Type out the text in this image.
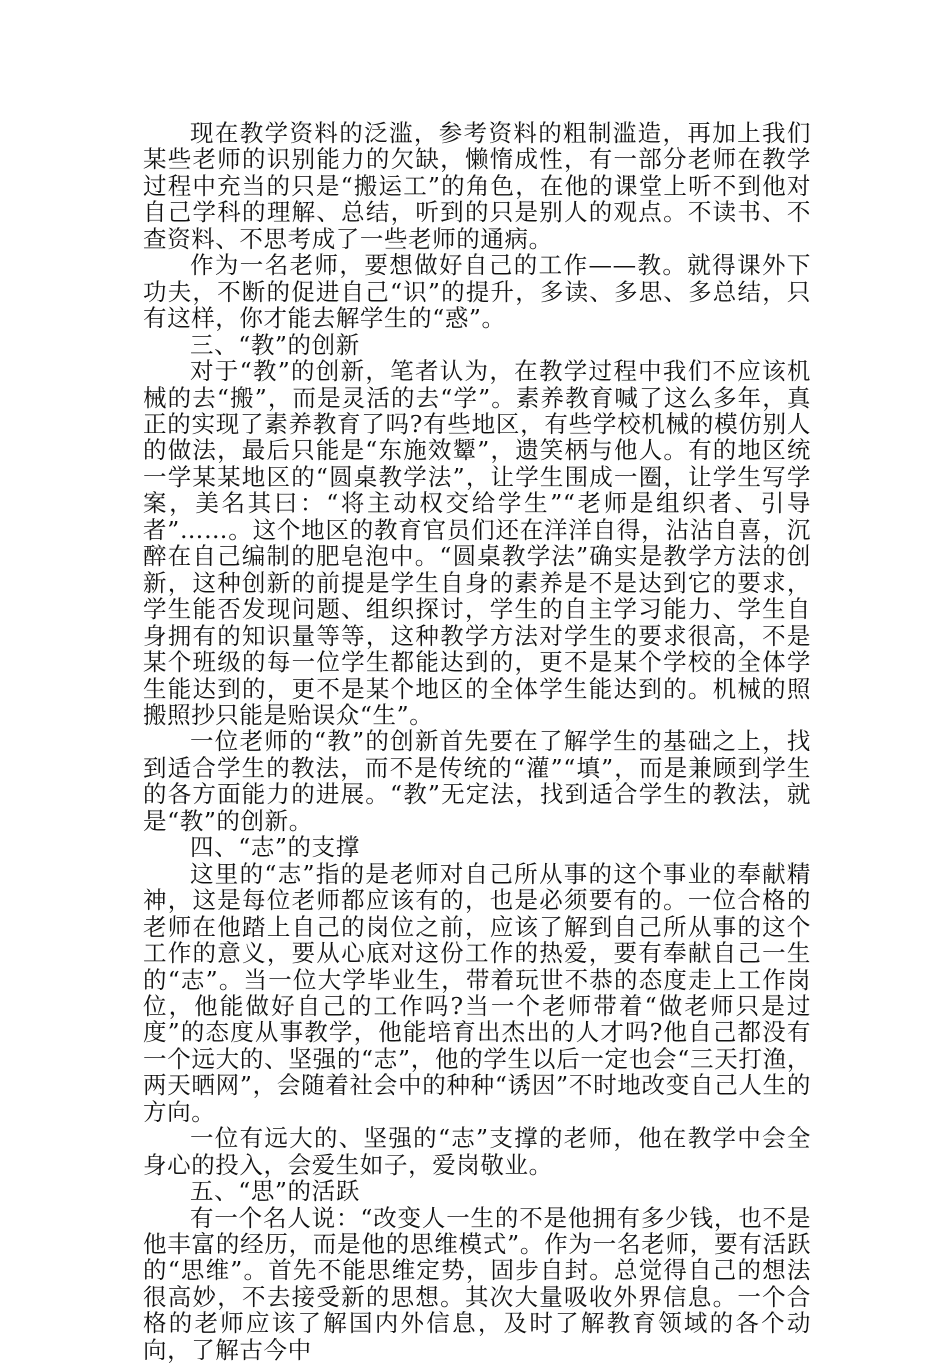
现在教学资料的泛滥，参考资料的粗制滥造，再加上我们某些老师的识别能力的欠缺，懒惰成性，有一部分老师在教学过程中充当的只是“搬运工”的角色，在他的课堂上听不到他对自己学科的理解、总结，听到的只是别人的观点。不读书、不查资料、不思考成了一些老师的通病。

作为一名老师，要想做好自己的工作——教。就得课外下功夫，不断的促进自己“识”的提升，多读、多思、多总结，只有这样，你才能去解学生的“惑”。

三、“教”的创新

对于“教”的创新，笔者认为，在教学过程中我们不应该机械的去“搬”，而是灵活的去“学”。素养教育喊了这么多年，真正的实现了素养教育了吗?有些地区，有些学校机械的模仿别人的做法，最后只能是“东施效颦”，遗笑柄与他人。有的地区统一学某某地区的“圆桌教学法”，让学生围成一圈，让学生写学案，美名其曰：“将主动权交给学生”“老师是组织者、引导者”……。这个地区的教育官员们还在洋洋自得，沾沾自喜，沉醉在自己编制的肥皂泡中。“圆桌教学法”确实是教学方法的创新，这种创新的前提是学生自身的素养是不是达到它的要求，学生能否发现问题、组织探讨，学生的自主学习能力、学生自身拥有的知识量等等，这种教学方法对学生的要求很高，不是某个班级的每一位学生都能达到的，更不是某个学校的全体学生能达到的，更不是某个地区的全体学生能达到的。机械的照搬照抄只能是贻误众“生”。

一位老师的“教”的创新首先要在了解学生的基础之上，找到适合学生的教法，而不是传统的“灌”“填”，而是兼顾到学生的各方面能力的进展。“教”无定法，找到适合学生的教法，就是“教”的创新。

四、“志”的支撑

这里的“志”指的是老师对自己所从事的这个事业的奉献精神，这是每位老师都应该有的，也是必须要有的。一位合格的老师在他踏上自己的岗位之前，应该了解到自己所从事的这个工作的意义，要从心底对这份工作的热爱，要有奉献自己一生的“志”。当一位大学毕业生，带着玩世不恭的态度走上工作岗位，他能做好自己的工作吗?当一个老师带着“做老师只是过度”的态度从事教学，他能培育出杰出的人才吗?他自己都没有一个远大的、坚强的“志”，他的学生以后一定也会“三天打渔，两天晒网”，会随着社会中的种种“诱因”不时地改变自己人生的方向。

一位有远大的、坚强的“志”支撑的老师，他在教学中会全身心的投入，会爱生如子，爱岗敬业。

五、“思”的活跃

有一个名人说：“改变人一生的不是他拥有多少钱，也不是他丰富的经历，而是他的思维模式”。作为一名老师，要有活跃的“思维”。首先不能思维定势，固步自封。总觉得自己的想法很高妙，不去接受新的思想。其次大量吸收外界信息。一个合格的老师应该了解国内外信息，及时了解教育领域的各个动向，了解古今中
